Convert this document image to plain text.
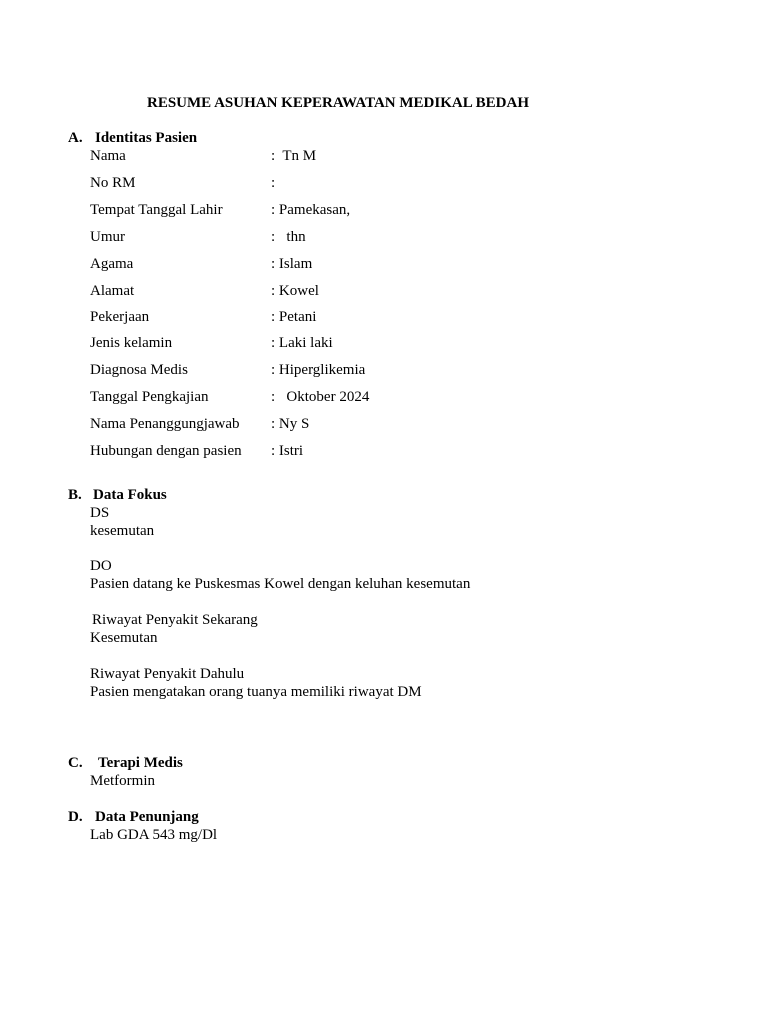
RESUME ASUHAN KEPERAWATAN MEDIKAL BEDAH
A. Identitas Pasien
Nama	:  Tn M
No RM	:
Tempat Tanggal Lahir	: Pamekasan,
Umur	:   thn
Agama	: Islam
Alamat	: Kowel
Pekerjaan	: Petani
Jenis kelamin	: Laki laki
Diagnosa Medis	: Hiperglikemia
Tanggal Pengkajian	:   Oktober 2024
Nama Penanggungjawab : Ny S
Hubungan dengan pasien : Istri
B. Data Fokus
DS
kesemutan
DO
Pasien datang ke Puskesmas Kowel dengan keluhan kesemutan
Riwayat Penyakit Sekarang
Kesemutan
Riwayat Penyakit Dahulu
Pasien mengatakan orang tuanya memiliki riwayat DM
C. Terapi Medis
Metformin
D. Data Penunjang
Lab GDA 543 mg/Dl
